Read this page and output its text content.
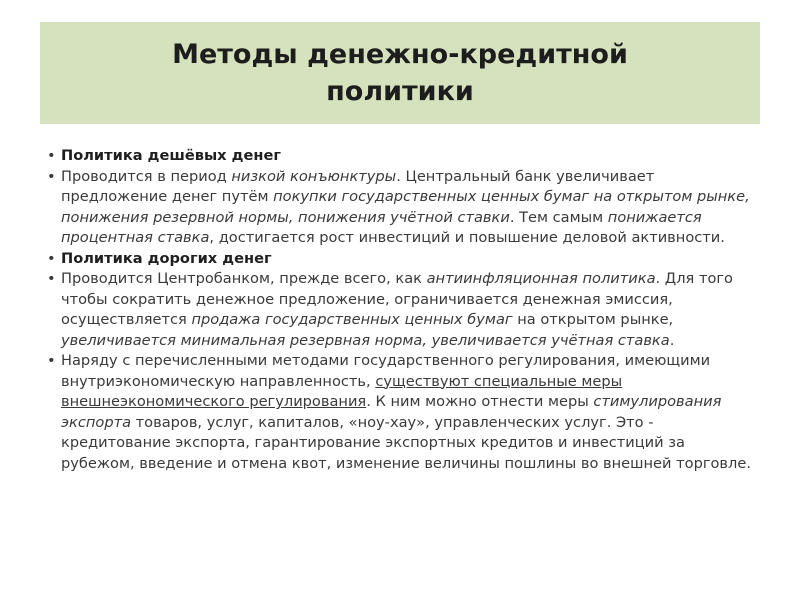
Методы денежно-кредитной
политики
• Политика дешёвых денег
• Проводится в период низкой конъюнктуры. Центральный банк увеличивает предложение денег путём покупки государственных ценных бумаг на открытом рынке, понижения резервной нормы, понижения учётной ставки. Тем самым понижается процентная ставка, достигается рост инвестиций и повышение деловой активности.
• Политика дорогих денег
• Проводится Центробанком, прежде всего, как антиинфляционная политика. Для того чтобы сократить денежное предложение, ограничивается денежная эмиссия, осуществляется продажа государственных ценных бумаг на открытом рынке, увеличивается минимальная резервная норма, увеличивается учётная ставка.
• Наряду с перечисленными методами государственного регулирования, имеющими внутриэкономическую направленность, существуют специальные меры внешнеэкономического регулирования. К ним можно отнести меры стимулирования экспорта товаров, услуг, капиталов, «ноу-хау», управленческих услуг. Это - кредитование экспорта, гарантирование экспортных кредитов и инвестиций за рубежом, введение и отмена квот, изменение величины пошлины во внешней торговле.
